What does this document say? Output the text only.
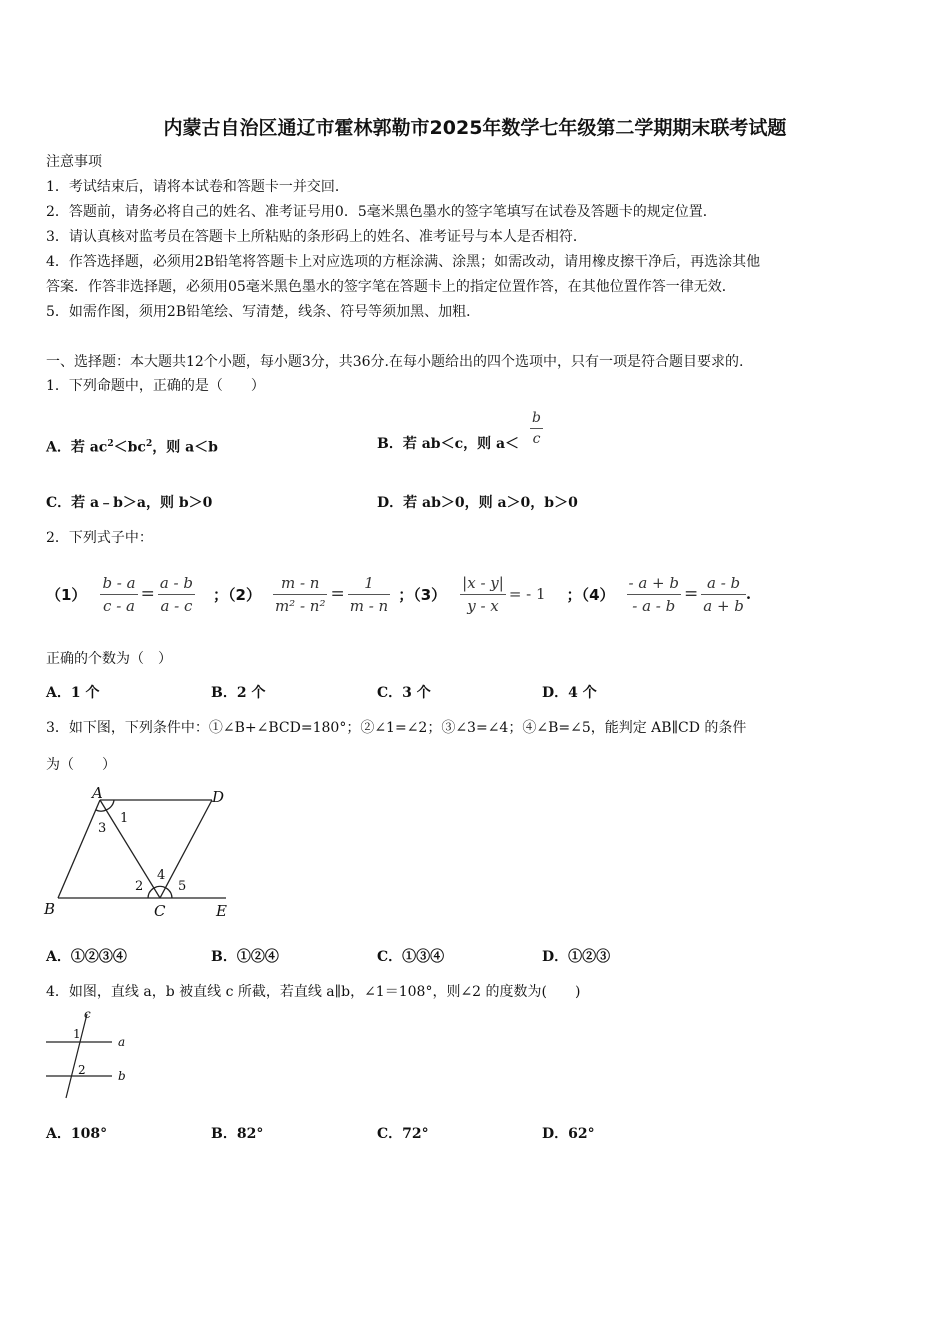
内蒙古自治区通辽市霍林郭勒市2025年数学七年级第二学期期末联考试题
注意事项
1．考试结束后，请将本试卷和答题卡一并交回．
2．答题前，请务必将自己的姓名、准考证号用0．5毫米黑色墨水的签字笔填写在试卷及答题卡的规定位置．
3．请认真核对监考员在答题卡上所粘贴的条形码上的姓名、准考证号与本人是否相符．
4．作答选择题，必须用2B铅笔将答题卡上对应选项的方框涂满、涂黑；如需改动，请用橡皮擦干净后，再选涂其他
答案．作答非选择题，必须用05毫米黑色墨水的签字笔在答题卡上的指定位置作答，在其他位置作答一律无效．
5．如需作图，须用2B铅笔绘、写清楚，线条、符号等须加黑、加粗．
一、选择题：本大题共12个小题，每小题3分，共36分.在每小题给出的四个选项中，只有一项是符合题目要求的.
1．下列命题中，正确的是（　　）
A．若 $ac^2<bc^2$，则 a＜b	B．若 ab＜c，则 $a< \frac{b}{c}$
C．若 a﹣b＞a，则 b＞0	D．若 ab＞0，则 a＞0，b＞0
2．下列式子中：
$(1) \frac{b - a}{c - a} = \frac{a - b}{a - c}$ ；（ $2) \frac{m - n}{\text{m² - n²}} = \frac{1}{m - n}$ ；（ $3) \frac{|x - y|}{y - x}$ = - 1 ；（ $4) \frac{- a + b}{- a - b} = \frac{a - b}{a + b}$ .
正确的个数为（　）
A．1 个	B．2 个	C．3 个	D．4 个
3．如下图，下列条件中：①∠B+∠BCD=180°；②∠1=∠2；③∠3=∠4；④∠B=∠5，能判定 AB∥CD 的条件
为（　　）
A	D
B	C	E
1
3
2
4
5
A．①②③④	B．①②④	C．①③④	D．①②③
4．如图，直线 a，b 被直线 c 所截，若直线 a∥b，∠1＝108°，则∠2 的度数为(　　)
c
a
b
1
2
A．108°	B．82°	C．72°	D．62°
